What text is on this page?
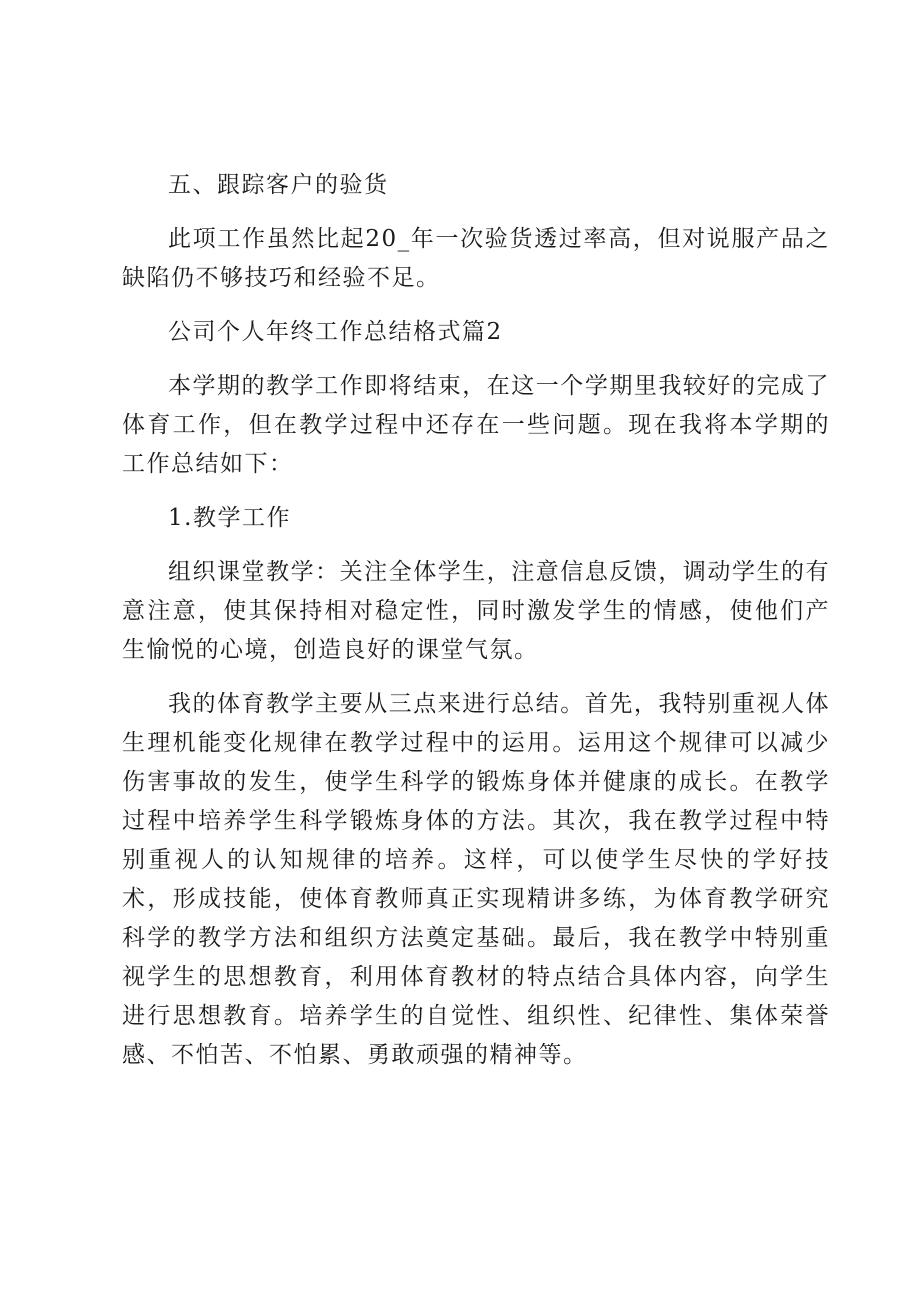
五、跟踪客户的验货

此项工作虽然比起20_年一次验货透过率高，但对说服产品之缺陷仍不够技巧和经验不足。

公司个人年终工作总结格式篇2

本学期的教学工作即将结束，在这一个学期里我较好的完成了体育工作，但在教学过程中还存在一些问题。现在我将本学期的工作总结如下：

1.教学工作

组织课堂教学：关注全体学生，注意信息反馈，调动学生的有意注意，使其保持相对稳定性，同时激发学生的情感，使他们产生愉悦的心境，创造良好的课堂气氛。

我的体育教学主要从三点来进行总结。首先，我特别重视人体生理机能变化规律在教学过程中的运用。运用这个规律可以减少伤害事故的发生，使学生科学的锻炼身体并健康的成长。在教学过程中培养学生科学锻炼身体的方法。其次，我在教学过程中特别重视人的认知规律的培养。这样，可以使学生尽快的学好技术，形成技能，使体育教师真正实现精讲多练，为体育教学研究科学的教学方法和组织方法奠定基础。最后，我在教学中特别重视学生的思想教育，利用体育教材的特点结合具体内容，向学生进行思想教育。培养学生的自觉性、组织性、纪律性、集体荣誉感、不怕苦、不怕累、勇敢顽强的精神等。
